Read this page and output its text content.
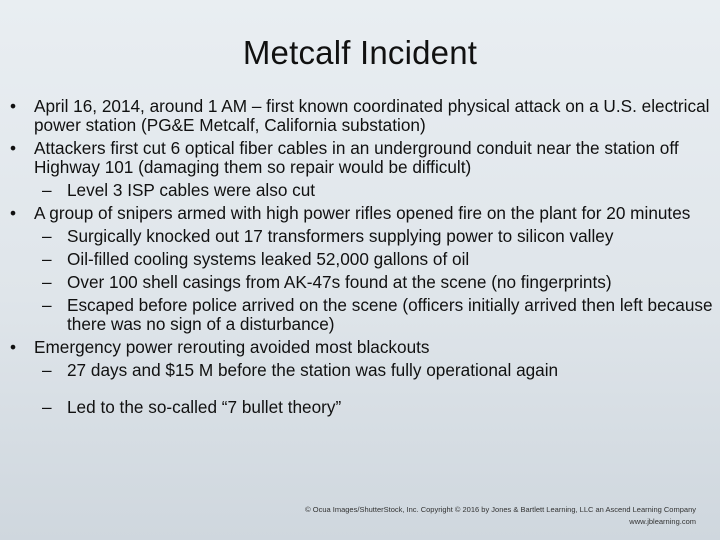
Metcalf Incident
•	April 16, 2014, around 1 AM – first known coordinated physical attack on a U.S. electrical power station (PG&E Metcalf, California substation)
•	Attackers first cut 6 optical fiber cables in an underground conduit near the station off Highway 101 (damaging them so repair would be difficult)
– Level 3 ISP cables were also cut
•	A group of snipers armed with high power rifles opened fire on the plant for 20 minutes
– Surgically knocked out 17 transformers supplying power to silicon valley
– Oil-filled cooling systems leaked 52,000 gallons of oil
– Over 100 shell casings from AK-47s found at the scene (no fingerprints)
– Escaped before police arrived on the scene (officers initially arrived then left because there was no sign of a disturbance)
•	Emergency power rerouting avoided most blackouts
– 27 days and $15 M before the station was fully operational again
– Led to the so-called “7 bullet theory”
© Ocua Images/ShutterStock, Inc. Copyright © 2016 by Jones & Bartlett Learning, LLC an Ascend Learning Company
www.jblearning.com
